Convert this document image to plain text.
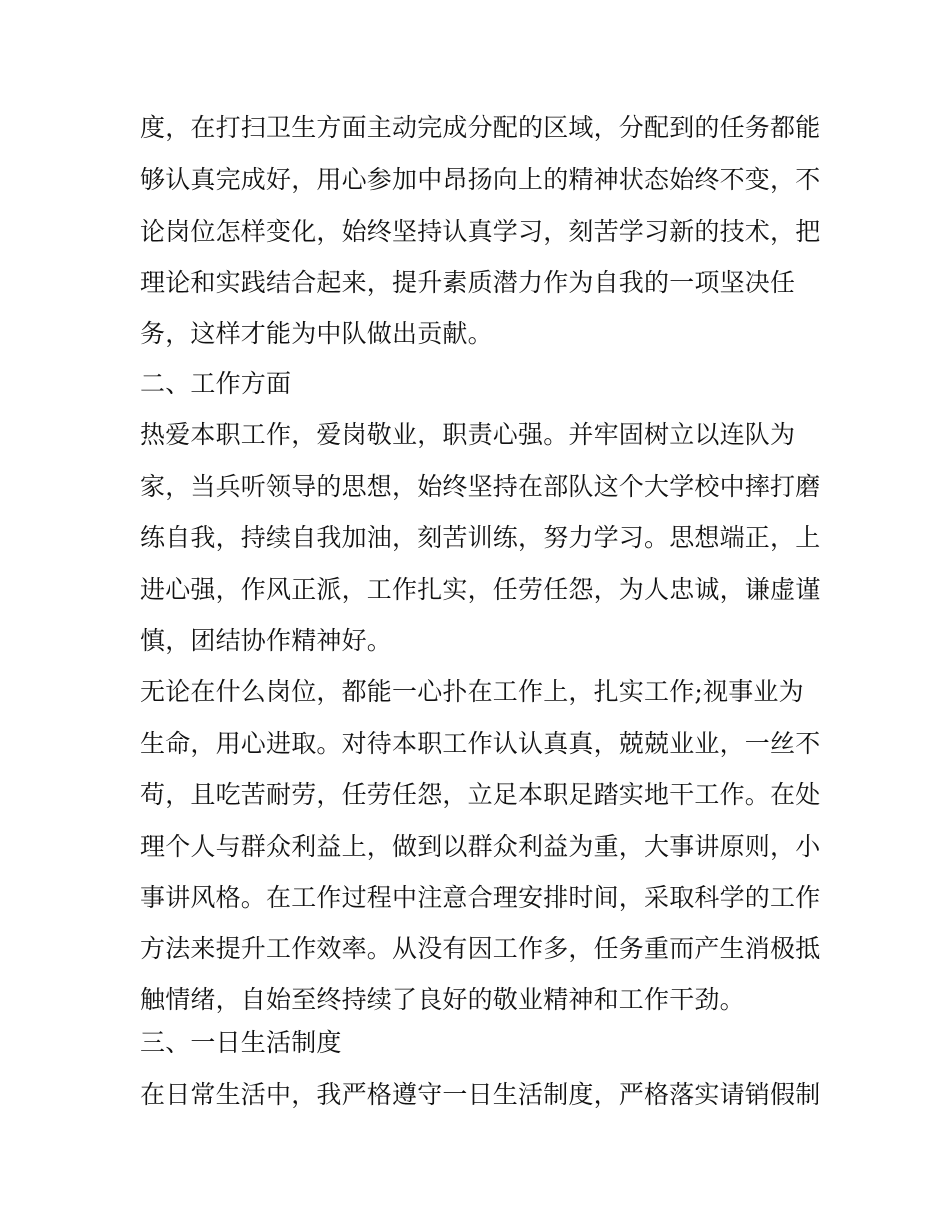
度，在打扫卫生方面主动完成分配的区域，分配到的任务都能

够认真完成好，用心参加中昂扬向上的精神状态始终不变，不

论岗位怎样变化，始终坚持认真学习，刻苦学习新的技术，把

理论和实践结合起来，提升素质潜力作为自我的一项坚决任

务，这样才能为中队做出贡献。

二、工作方面

热爱本职工作，爱岗敬业，职责心强。并牢固树立以连队为

家，当兵听领导的思想，始终坚持在部队这个大学校中摔打磨

练自我，持续自我加油，刻苦训练，努力学习。思想端正，上

进心强，作风正派，工作扎实，任劳任怨，为人忠诚，谦虚谨

慎，团结协作精神好。

无论在什么岗位，都能一心扑在工作上，扎实工作;视事业为

生命，用心进取。对待本职工作认认真真，兢兢业业，一丝不

苟，且吃苦耐劳，任劳任怨，立足本职足踏实地干工作。在处

理个人与群众利益上，做到以群众利益为重，大事讲原则，小

事讲风格。在工作过程中注意合理安排时间，采取科学的工作

方法来提升工作效率。从没有因工作多，任务重而产生消极抵

触情绪，自始至终持续了良好的敬业精神和工作干劲。

三、一日生活制度

在日常生活中，我严格遵守一日生活制度，严格落实请销假制
